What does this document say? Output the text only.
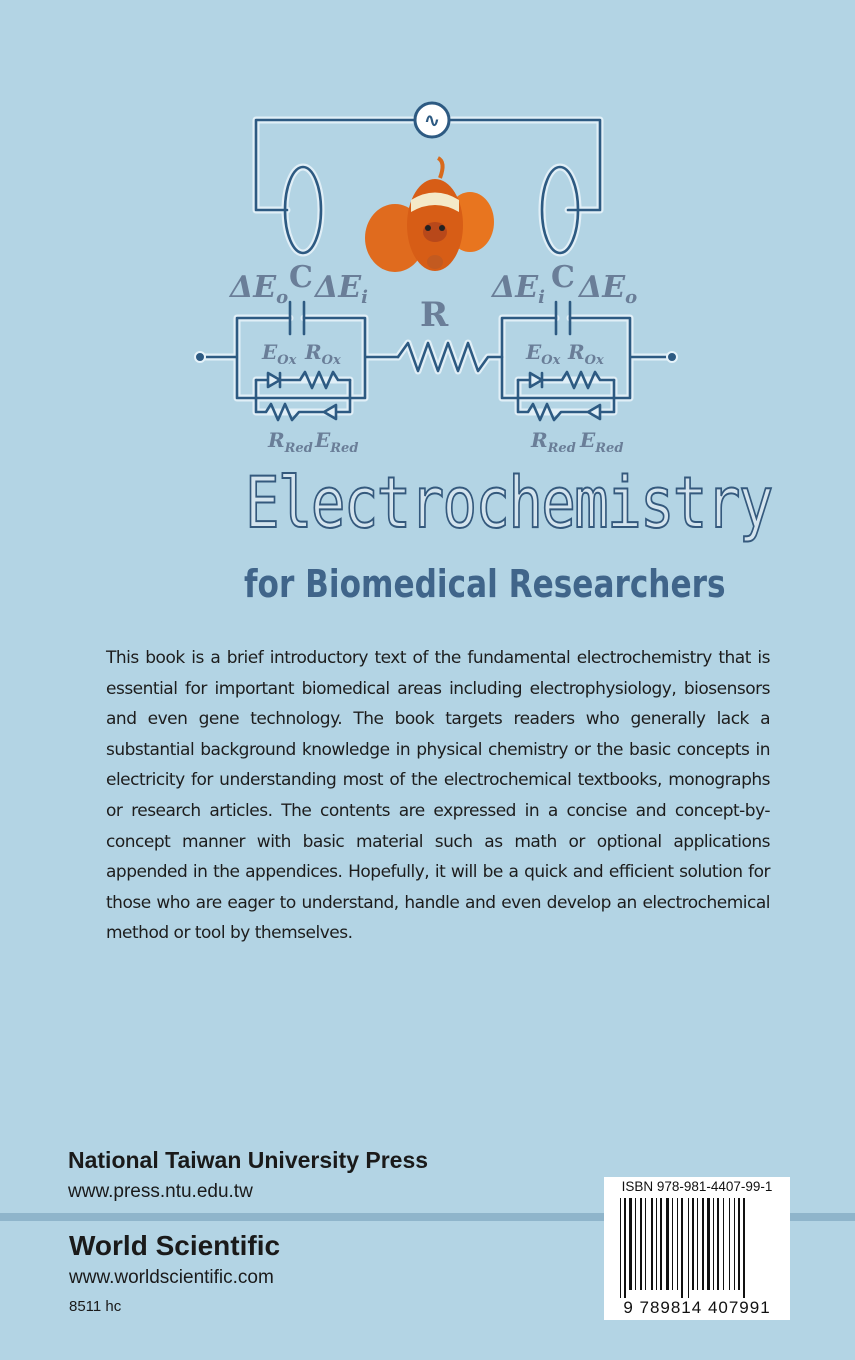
∿
$\Delta E_o$
C $\Delta E_i$	$\Delta E_i$
C $\Delta E_o$
R
$E_{Ox}$ $R_{Ox}$
$R_{Red}$ $E_{Red}$
$E_{Ox}$ $R_{Ox}$
$R_{Red}$ $E_{Red}$
Electrochemistry
for Biomedical Researchers

This book is a brief introductory text of the fundamental electrochemistry that is essential for important biomedical areas including electrophysiology, biosensors and even gene technology. The book targets readers who generally lack a substantial background knowledge in physical chemistry or the basic concepts in electricity for understanding most of the electrochemical textbooks, monographs or research articles. The contents are expressed in a concise and concept-by-concept manner with basic material such as math or optional applications appended in the appendices. Hopefully, it will be a quick and efficient solution for those who are eager to understand, handle and even develop an electrochemical method or tool by themselves.

National Taiwan University Press
www.press.ntu.edu.tw
World Scientific
www.worldscientific.com
8511 hc
ISBN 978-981-4407-99-1
9 789814 407991
